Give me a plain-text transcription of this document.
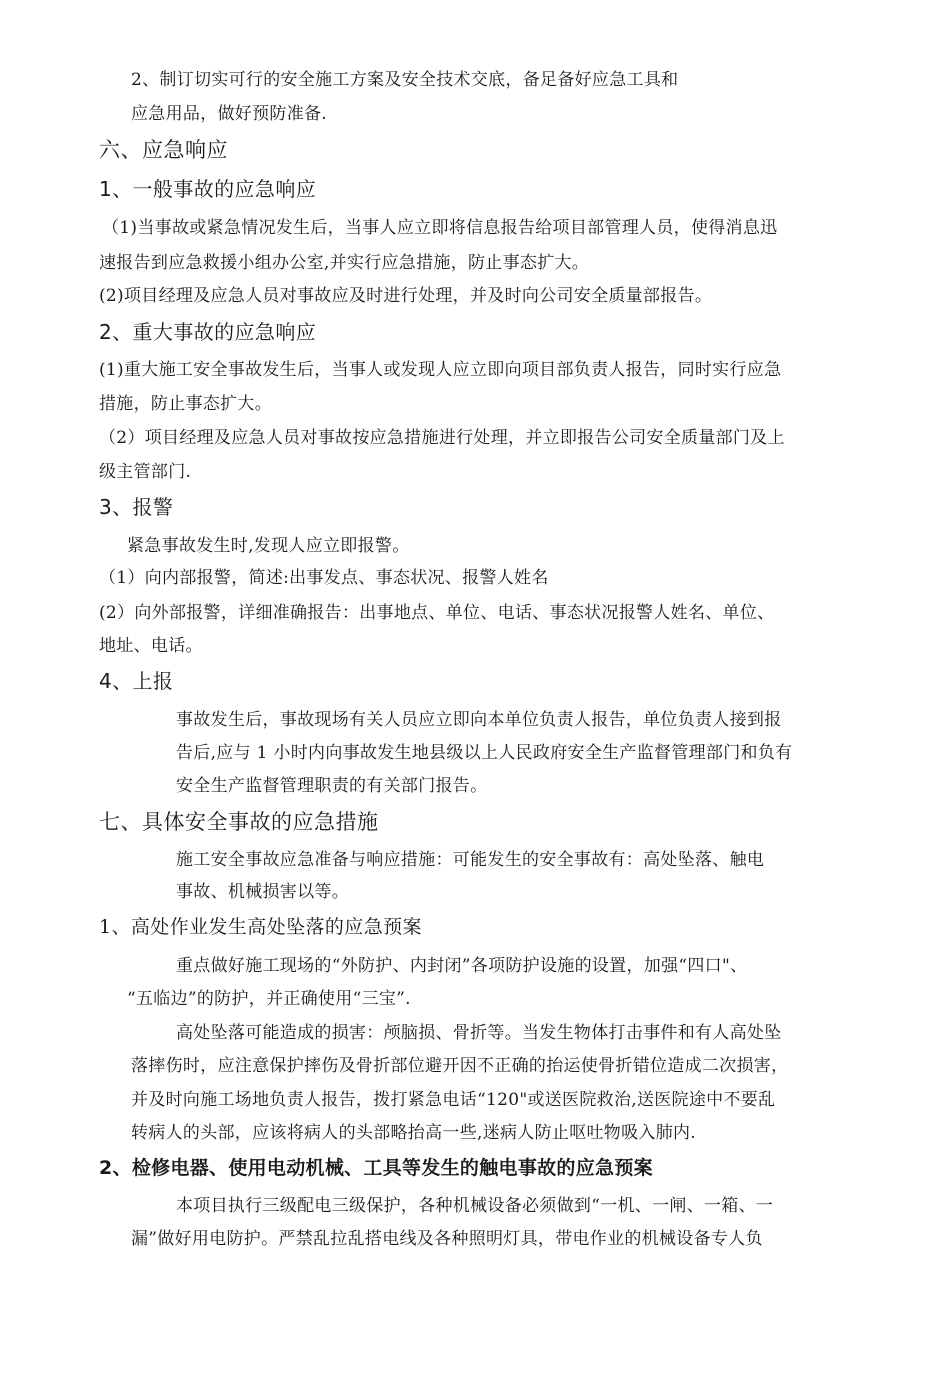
2、制订切实可行的安全施工方案及安全技术交底，备足备好应急工具和
应急用品，做好预防准备.
六、应急响应
1、一般事故的应急响应
（1)当事故或紧急情况发生后，当事人应立即将信息报告给项目部管理人员，使得消息迅
速报告到应急救援小组办公室,并实行应急措施，防止事态扩大。
(2)项目经理及应急人员对事故应及时进行处理，并及时向公司安全质量部报告。
2、重大事故的应急响应
(1)重大施工安全事故发生后，当事人或发现人应立即向项目部负责人报告，同时实行应急
措施，防止事态扩大。
（2）项目经理及应急人员对事故按应急措施进行处理，并立即报告公司安全质量部门及上
级主管部门.
3、报警
紧急事故发生时,发现人应立即报警。
（1）向内部报警，简述:出事发点、事态状况、报警人姓名
(2）向外部报警，详细准确报告：出事地点、单位、电话、事态状况报警人姓名、单位、
地址、电话。
4、上报
事故发生后，事故现场有关人员应立即向本单位负责人报告，单位负责人接到报
告后,应与 1 小时内向事故发生地县级以上人民政府安全生产监督管理部门和负有
安全生产监督管理职责的有关部门报告。
七、具体安全事故的应急措施
施工安全事故应急准备与响应措施：可能发生的安全事故有：高处坠落、触电
事故、机械损害以等。
1、高处作业发生高处坠落的应急预案
重点做好施工现场的“外防护、内封闭”各项防护设施的设置，加强“四口"、
“五临边”的防护，并正确使用“三宝”.
高处坠落可能造成的损害：颅脑损、骨折等。当发生物体打击事件和有人高处坠
落摔伤时，应注意保护摔伤及骨折部位避开因不正确的抬运使骨折错位造成二次损害，
并及时向施工场地负责人报告，拨打紧急电话“120"或送医院救治,送医院途中不要乱
转病人的头部，应该将病人的头部略抬高一些,迷病人防止呕吐物吸入肺内.
2、检修电器、使用电动机械、工具等发生的触电事故的应急预案
本项目执行三级配电三级保护，各种机械设备必须做到“一机、一闸、一箱、一
漏”做好用电防护。严禁乱拉乱搭电线及各种照明灯具，带电作业的机械设备专人负
